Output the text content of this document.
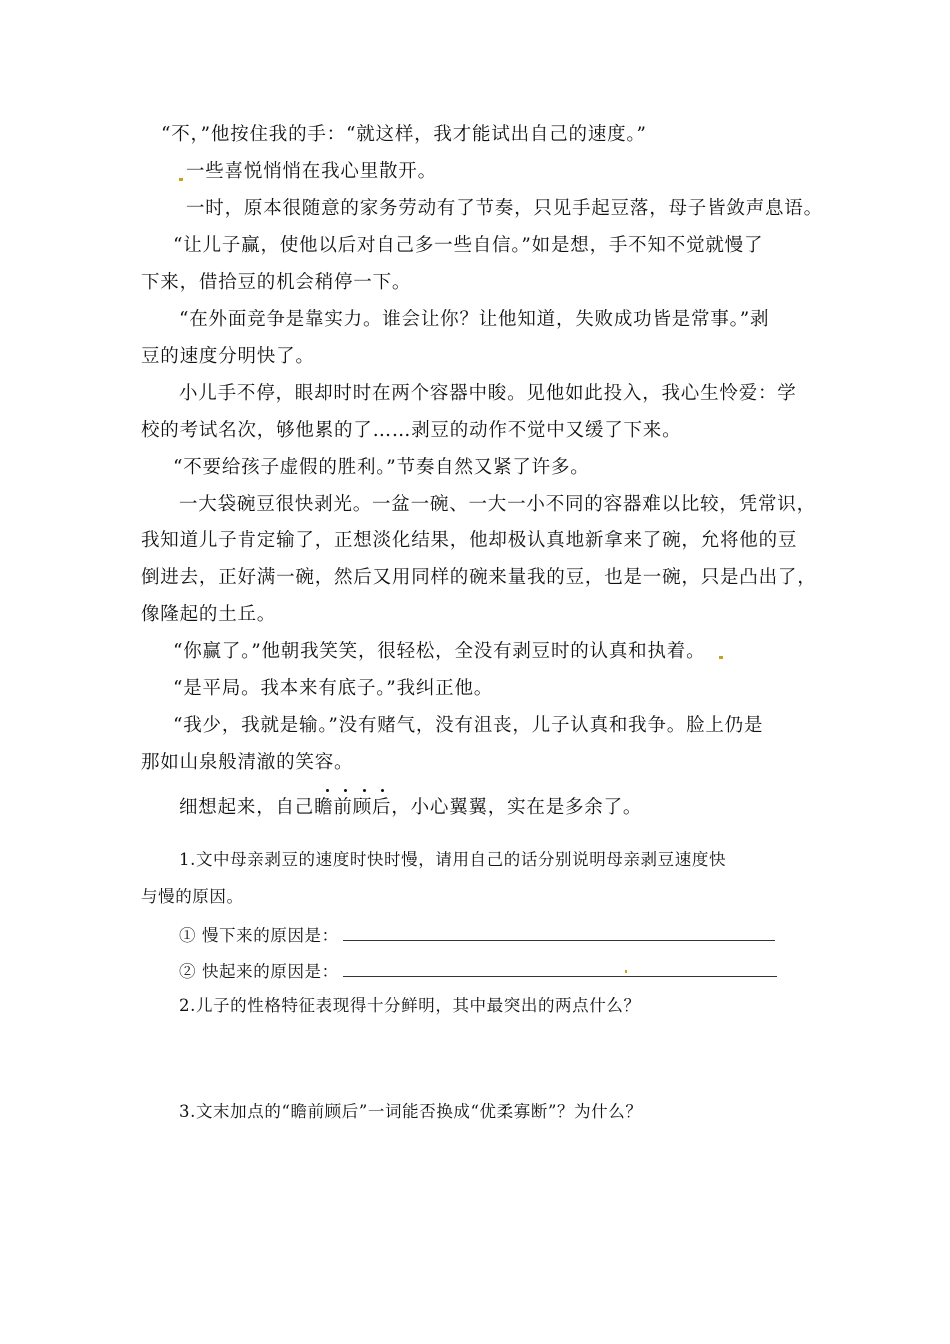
“不，”他按住我的手：“就这样，我才能试出自己的速度。”
一些喜悦悄悄在我心里散开。
一时，原本很随意的家务劳动有了节奏，只见手起豆落，母子皆敛声息语。
“让儿子赢，使他以后对自己多一些自信。”如是想，手不知不觉就慢了
下来，借拾豆的机会稍停一下。
“在外面竞争是靠实力。谁会让你？让他知道，失败成功皆是常事。”剥
豆的速度分明快了。
小儿手不停，眼却时时在两个容器中睃。见他如此投入，我心生怜爱：学
校的考试名次，够他累的了……剥豆的动作不觉中又缓了下来。
“不要给孩子虚假的胜利。”节奏自然又紧了许多。
一大袋碗豆很快剥光。一盆一碗、一大一小不同的容器难以比较，凭常识，
我知道儿子肯定输了，正想淡化结果，他却极认真地新拿来了碗，允将他的豆
倒进去，正好满一碗，然后又用同样的碗来量我的豆，也是一碗，只是凸出了，
像隆起的土丘。
“你赢了。”他朝我笑笑，很轻松，全没有剥豆时的认真和执着。
“是平局。我本来有底子。”我纠正他。
“我少，我就是输。”没有赌气，没有沮丧，儿子认真和我争。脸上仍是
那如山泉般清澈的笑容。
细想起来，自己瞻前顾后，小心翼翼，实在是多余了。
1.文中母亲剥豆的速度时快时慢，请用自己的话分别说明母亲剥豆速度快
与慢的原因。
① 慢下来的原因是：
② 快起来的原因是：
2.儿子的性格特征表现得十分鲜明，其中最突出的两点什么？
3.文末加点的“瞻前顾后”一词能否换成“优柔寡断”？为什么？
